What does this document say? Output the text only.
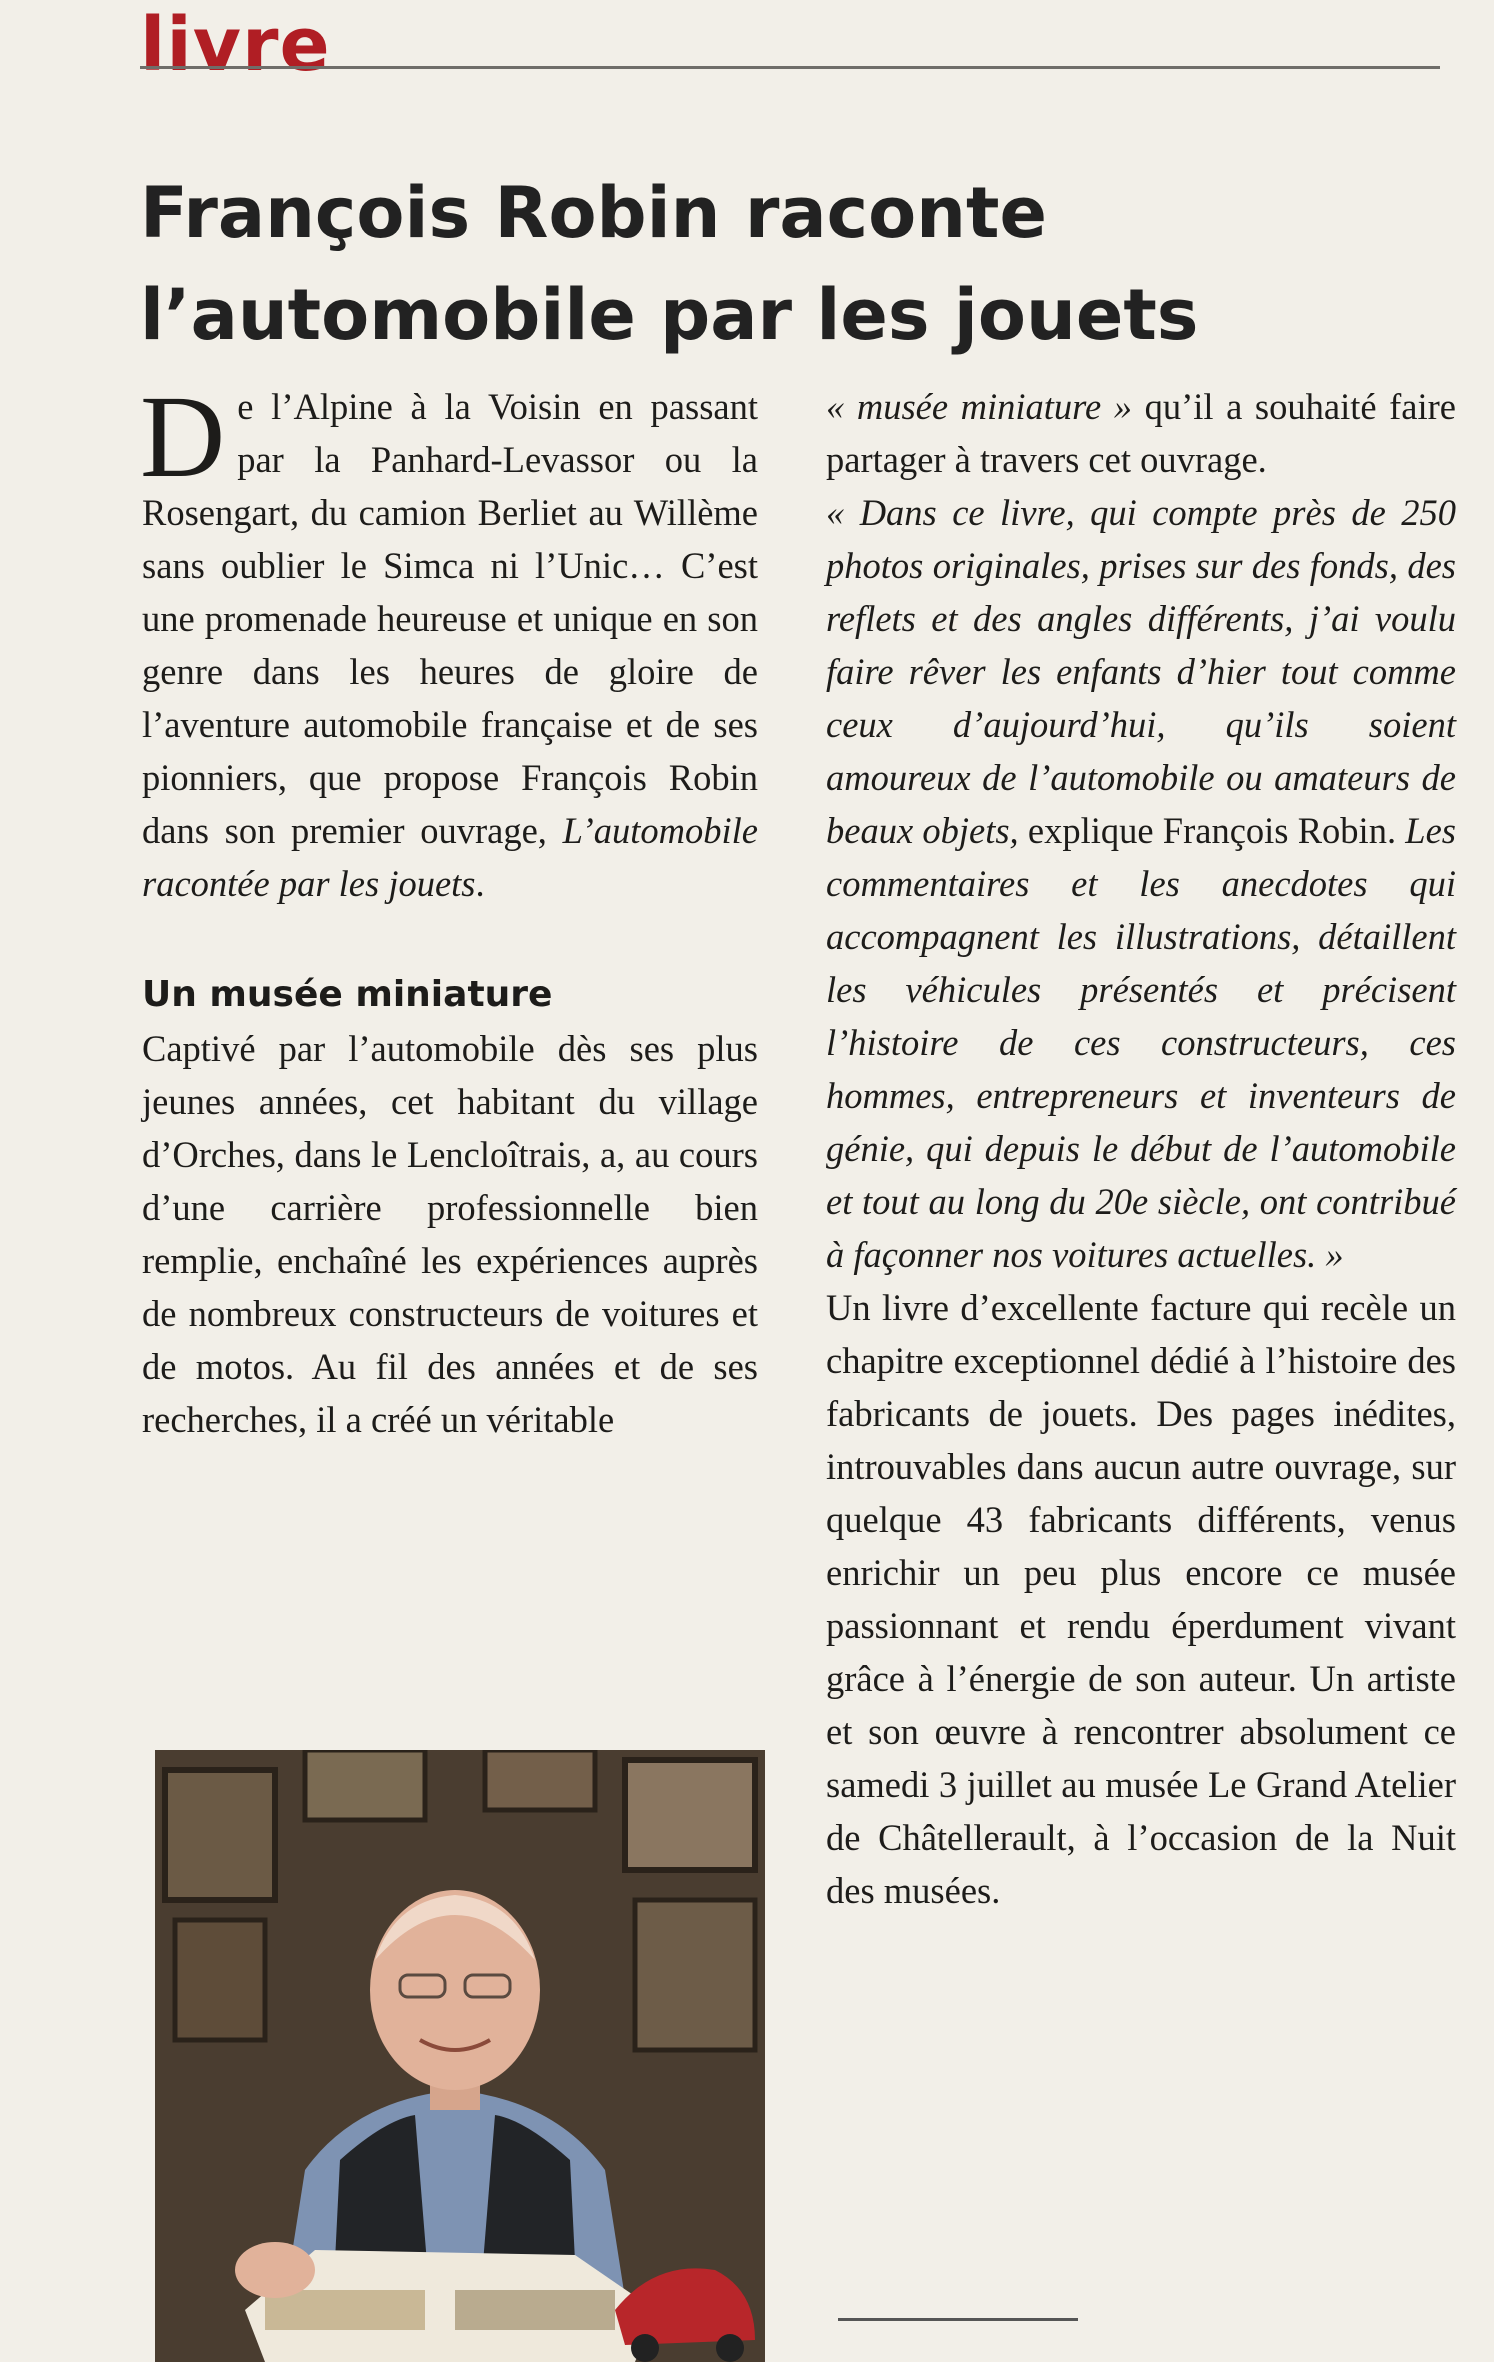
livre
François Robin raconte
l’automobile par les jouets

De l’Alpine à la Voisin en passant par la Panhard-Levassor ou la Rosengart, du camion Berliet au Willème sans oublier le Simca ni l’Unic… C’est une promenade heureuse et unique en son genre dans les heures de gloire de l’aventure automobile française et de ses pionniers, que propose François Robin dans son premier ouvrage, L’automobile racontée par les jouets.

Un musée miniature

Captivé par l’automobile dès ses plus jeunes années, cet habitant du village d’Orches, dans le Lencloîtrais, a, au cours d’une carrière professionnelle bien remplie, enchaîné les expériences auprès de nombreux constructeurs de voitures et de motos. Au fil des années et de ses recherches, il a créé un véritable

« musée miniature » qu’il a souhaité faire partager à travers cet ouvrage.

« Dans ce livre, qui compte près de 250 photos originales, prises sur des fonds, des reflets et des angles différents, j’ai voulu faire rêver les enfants d’hier tout comme ceux d’aujourd’hui, qu’ils soient amoureux de l’automobile ou amateurs de beaux objets, explique François Robin. Les commentaires et les anecdotes qui accompagnent les illustrations, détaillent les véhicules présentés et précisent l’histoire de ces constructeurs, ces hommes, entrepreneurs et inventeurs de génie, qui depuis le début de l’automobile et tout au long du 20e siècle, ont contribué à façonner nos voitures actuelles. »

Un livre d’excellente facture qui recèle un chapitre exceptionnel dédié à l’histoire des fabricants de jouets. Des pages inédites, introuvables dans aucun autre ouvrage, sur quelque 43 fabricants différents, venus enrichir un peu plus encore ce musée passionnant et rendu éperdument vivant grâce à l’énergie de son auteur. Un artiste et son œuvre à rencontrer absolument ce samedi 3 juillet au musée Le Grand Atelier de Châtellerault, à l’occasion de la Nuit des musées.
